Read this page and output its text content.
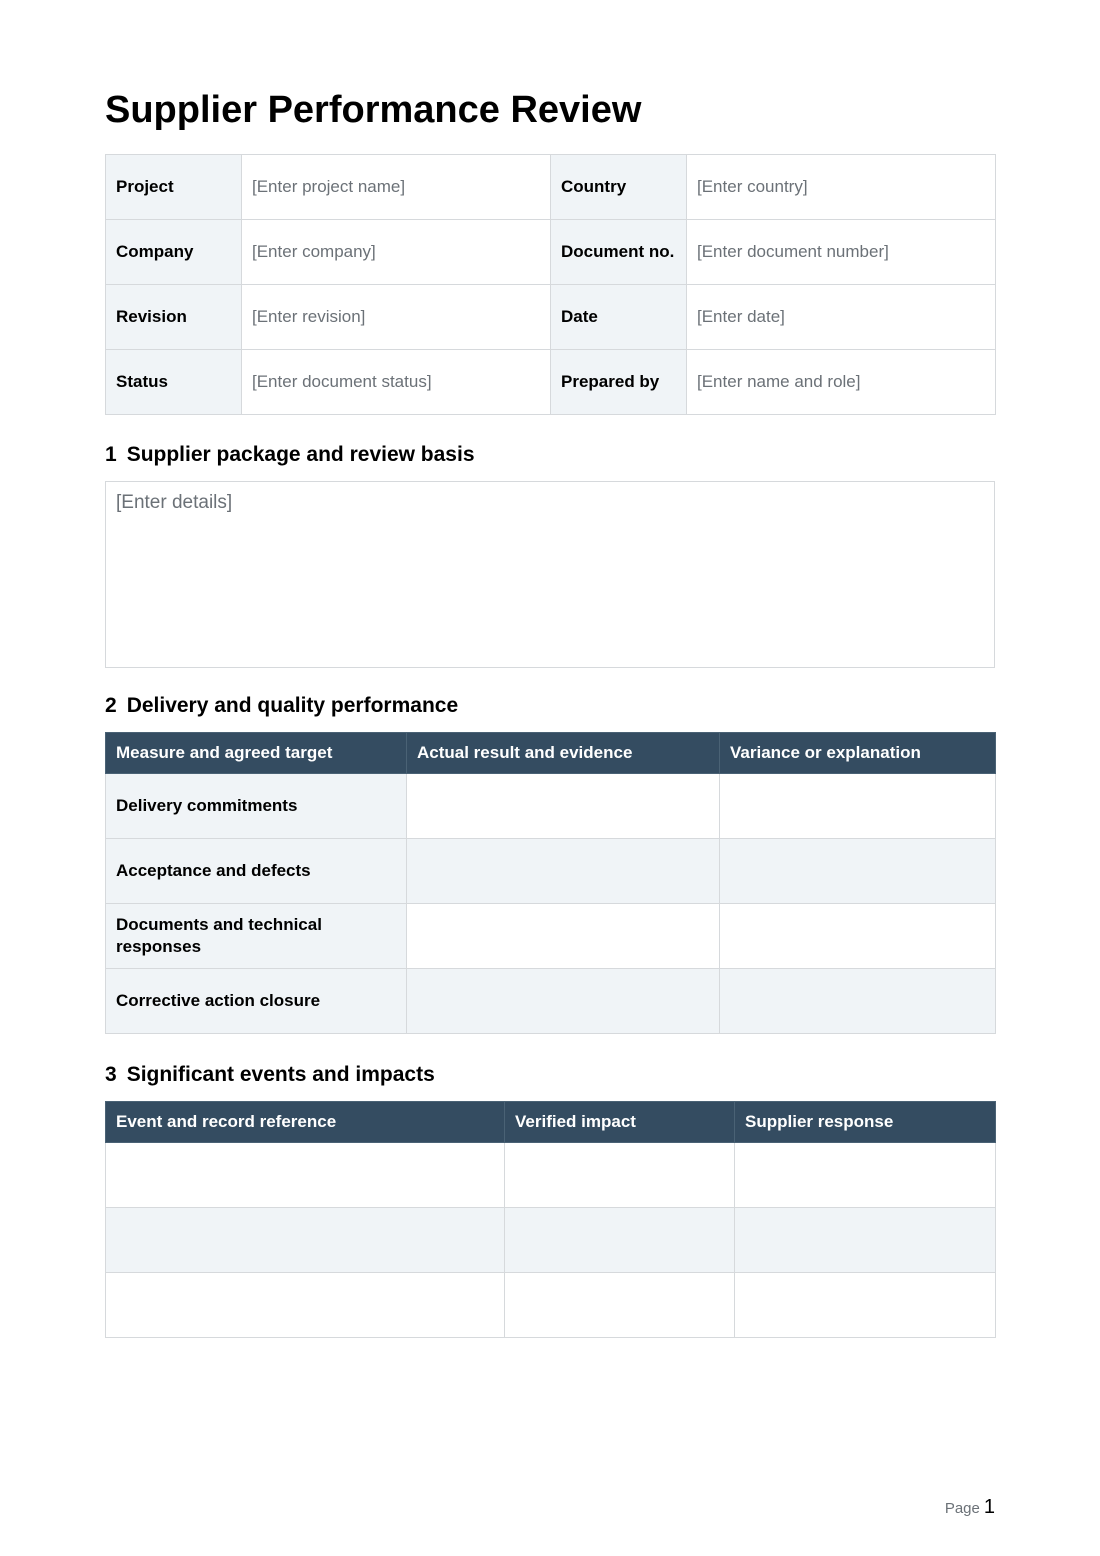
Supplier Performance Review
Project	[Enter project name]	Country	[Enter country]
Company	[Enter company]	Document no.	[Enter document number]
Revision	[Enter revision]	Date	[Enter date]
Status	[Enter document status]	Prepared by	[Enter name and role]
1 Supplier package and review basis
[Enter details]
2 Delivery and quality performance
Measure and agreed target	Actual result and evidence	Variance or explanation
Delivery commitments		
Acceptance and defects		
Documents and technical responses		
Corrective action closure		
3 Significant events and impacts
Event and record reference	Verified impact	Supplier response

Page 1
